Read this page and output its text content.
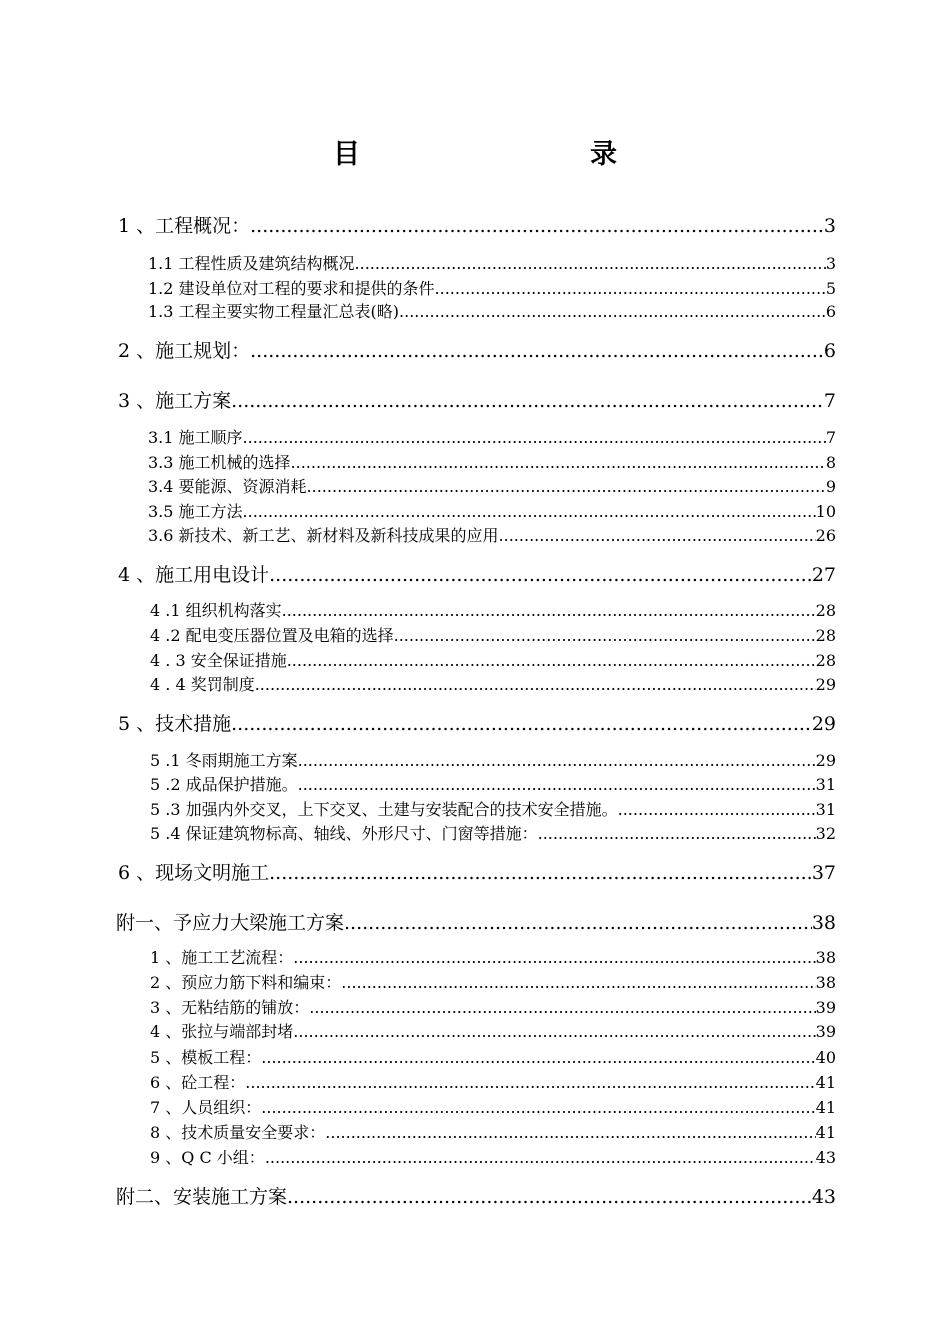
目	录
1 、工程概况： .....	3
1.1 工程性质及建筑结构概况 .....	3
1.2 建设单位对工程的要求和提供的条件 .....	5
1.3 工程主要实物工程量汇总表(略) .....	6
2 、施工规划： .....	6
3 、施工方案 .....	7
3.1 施工顺序 .....	7
3.3 施工机械的选择 .....	8
3.4 要能源、资源消耗 .....	9
3.5 施工方法 .....	10
3.6 新技术、新工艺、新材料及新科技成果的应用 .....	26
4 、施工用电设计 .....	27
4 .1 组织机构落实 .....	28
4 .2 配电变压器位置及电箱的选择 .....	28
4 . 3 安全保证措施 .....	28
4 . 4 奖罚制度 .....	29
5 、技术措施 .....	29
5 .1 冬雨期施工方案 .....	29
5 .2 成品保护措施。 .....	31
5 .3 加强内外交叉，上下交叉、土建与安装配合的技术安全措施。 .....	31
5 .4 保证建筑物标高、轴线、外形尺寸、门窗等措施： .....	32
6 、现场文明施工 .....	37
附一、予应力大梁施工方案 .....	38
1 、施工工艺流程： .....	38
2 、预应力筋下料和编束： .....	38
3 、无粘结筋的铺放： .....	39
4 、张拉与端部封堵 .....	39
5 、模板工程： .....	40
6 、砼工程： .....	41
7 、人员组织： .....	41
8 、技术质量安全要求： .....	41
9 、Q C 小组： .....	43
附二、安装施工方案 .....	43
